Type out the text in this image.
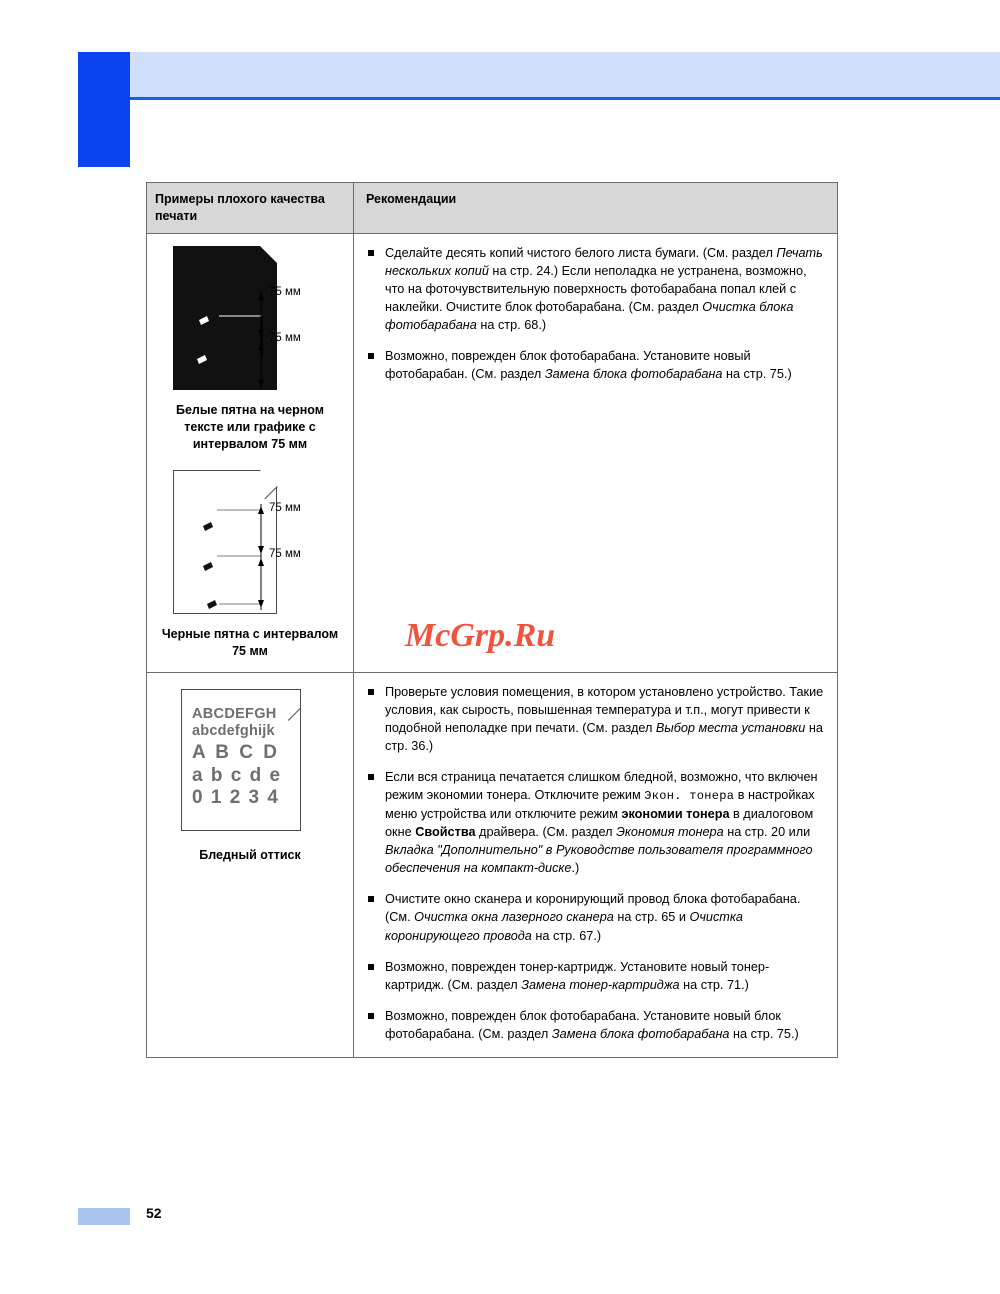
Примеры плохого качества печати
Рекомендации
75 мм
75 мм
Белые пятна на черном тексте или графике с интервалом 75 мм
75 мм
75 мм
Черные пятна с интервалом 75 мм
Сделайте десять копий чистого белого листа бумаги. (См. раздел Печать нескольких копий на стр. 24.) Если неполадка не устранена, возможно, что на фоточувствительную поверхность фотобарабана попал клей с наклейки. Очистите блок фотобарабана. (См. раздел Очистка блока фотобарабана на стр. 68.)
Возможно, поврежден блок фотобарабана. Установите новый фотобарабан. (См. раздел Замена блока фотобарабана на стр. 75.)
ABCDEFGH
abcdefghijk
A B C D
a b c d e
0 1 2 3 4
Бледный оттиск
Проверьте условия помещения, в котором установлено устройство. Такие условия, как сырость, повышенная температура и т.п., могут привести к подобной неполадке при печати. (См. раздел Выбор места установки на стр. 36.)
Если вся страница печатается слишком бледной, возможно, что включен режим экономии тонера. Отключите режим Экон. тонера в настройках меню устройства или отключите режим экономии тонера в диалоговом окне Свойства драйвера. (См. раздел Экономия тонера на стр. 20 или Вкладка "Дополнительно" в Руководстве пользователя программного обеспечения на компакт-диске.)
Очистите окно сканера и коронирующий провод блока фотобарабана. (См. Очистка окна лазерного сканера на стр. 65 и Очистка коронирующего провода на стр. 67.)
Возможно, поврежден тонер-картридж. Установите новый тонер-картридж. (См. раздел Замена тонер-картриджа на стр. 71.)
Возможно, поврежден блок фотобарабана. Установите новый блок фотобарабана. (См. раздел Замена блока фотобарабана на стр. 75.)
McGrp.Ru
52
